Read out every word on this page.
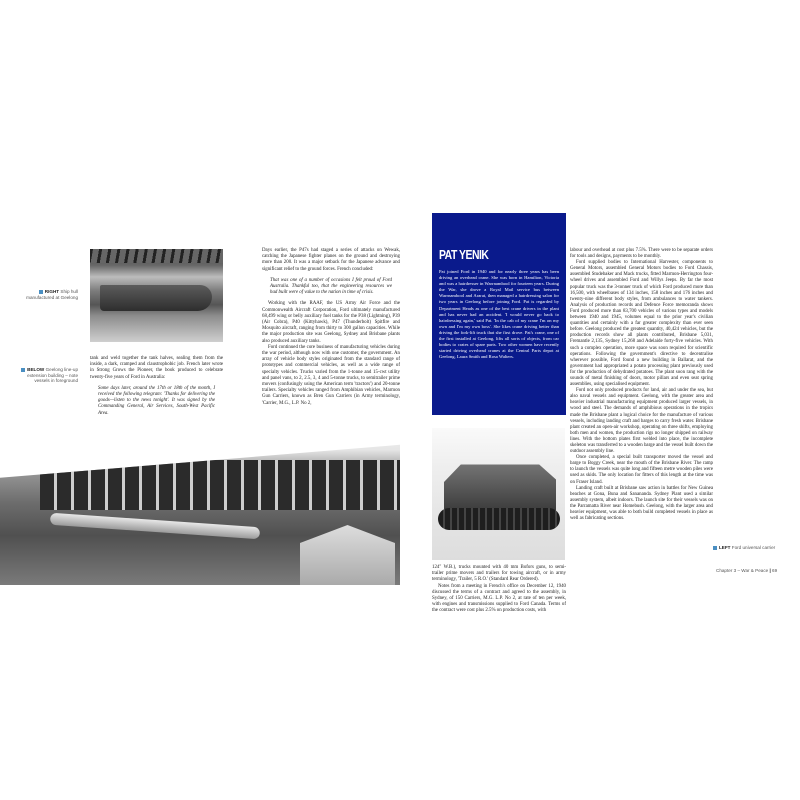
RIGHT Ship hull manufactured at Geelong
BELOW Geelong line-up extension building – note vessels in foreground
LEFT Ford universal carrier

tank and weld together the tank halves, sealing them from the inside, a dark, cramped and claustrophobic job. French later wrote in Strong Grows the Pioneer, the book produced to celebrate twenty-five years of Ford in Australia:

Some days later, around the 17th or 18th of the month, I received the following telegram: 'Thanks for delivering the goods—listen to the news tonight'. It was signed by the Commanding General, Air Services, South-West Pacific Area.

Days earlier, the P47s had staged a series of attacks on Wewak, catching the Japanese fighter planes on the ground and destroying more than 200. It was a major setback for the Japanese advance and significant relief to the ground forces. French concluded:

That was one of a number of occasions I felt proud of Ford Australia. Thankful too, that the engineering resources we had built were of value to the nation in time of crisis.

Working with the RAAF, the US Army Air Force and the Commonwealth Aircraft Corporation, Ford ultimately manufactured 68,499 wing or belly auxiliary fuel tanks for the P38 (Lightning), P39 (Air Cobra), P40 (Kittyhawk), P47 (Thunderbolt) Spitfire and Mosquito aircraft, ranging from thirty to 300 gallon capacities. While the major production site was Geelong, Sydney and Brisbane plants also produced auxiliary tanks.

Ford continued the core business of manufacturing vehicles during the war period, although now with one customer, the government. An array of vehicle body styles originated from the standard range of prototypes and commercial vehicles, as well as a wide range of specialty vehicles. Trucks varied from the 1-tonne and 15-cwt utility and panel vans, to 2, 2.5, 3, 4 and 5-tonne trucks, to semitrailer prime movers (confusingly using the American term 'tractors') and 20-tonne trailers. Specialty vehicles ranged from Amphibian vehicles, Marmon Gun Carriers, known as Bren Gun Carriers (in Army terminology, 'Carrier, M.G., L.P. No 2,

PAT YENIK
Pat joined Ford in 1940 and for nearly three years has been driving an overhead crane. She was born in Hamilton, Victoria and was a hairdresser in Warrnambool for fourteen years. During the War, she drove a Royal Mail service bus between Warrnambool and Ararat, then managed a hairdressing salon for two years in Geelong before joining Ford. Pat is regarded by Department Heads as one of the best crane drivers in the plant and has never had an accident. 'I would never go back to hairdressing again,' said Pat. 'In the cab of my crane I'm on my own and I'm my own boss'. She likes crane driving better than driving the fork-lift truck that she first drove. Pat's crane, one of the first installed at Geelong, lifts all sorts of objects, from car bodies to crates of spare parts. Two other women have recently started driving overhead cranes at the Central Parts depot at Geelong, Laura Smith and Rosa Walters.

124" W.B.), trucks mounted with 40 mm Bofors guns, to semi-trailer prime movers and trailers for towing aircraft, or in army terminology, 'Trailer, 5 R.O.' (Standard Rear Ordered).

Notes from a meeting in French's office on December 12, 1940 discussed the terms of a contract and agreed to the assembly, in Sydney, of 150 Carriers, M.G. L.P. No 2, at rate of ten per week, with engines and transmissions supplied to Ford Canada. Terms of the contract were cost plus 2.5% on production costs, with

labour and overhead at cost plus 7.5%. There were to be separate orders for tools and designs, payments to be monthly.

Ford supplied bodies to International Harvester, components to General Motors, assembled General Motors bodies to Ford Chassis, assembled Studebaker and Mack trucks, fitted Marmon-Herrington four-wheel drives and assembled Ford and Willys Jeeps. By far the most popular truck was the 3-tonner truck of which Ford produced more than 16,500, with wheelbases of 134 inches, 158 inches and 176 inches and twenty-nine different body styles, from ambulances to water tankers. Analysis of production records and Defence Force memoranda shows Ford produced more than 83,700 vehicles of various types and models between 1940 and 1945, volumes equal to the prior year's civilian quantities and certainly with a far greater complexity than ever seen before. Geelong produced the greatest quantity, 40,424 vehicles, but the production records show all plants contributed, Brisbane 5,031, Fremantle 2,135, Sydney 15,268 and Adelaide forty-five vehicles. With such a complex operation, more space was soon required for scientific operations. Following the government's directive to decentralise wherever possible, Ford found a new building in Ballarat, and the government had appropriated a potato processing plant previously used for the production of dehydrated potatoes. The plant soon rang with the sounds of metal finishing of doors, motor pillars and even seat spring assemblies, using specialised equipment.

Ford not only produced products for land, air and under the sea, but also naval vessels and equipment. Geelong, with the greater area and heavier industrial manufacturing equipment produced larger vessels, in wood and steel. The demands of amphibious operations in the tropics made the Brisbane plant a logical choice for the manufacture of various vessels, including landing craft and barges to carry fresh water. Brisbane plant created an open-air workshop, operating on three shifts, employing both men and women, the production rigs no longer shipped on railway lines. With the bottom plates first welded into place, the incomplete skeleton was transferred to a wooden barge and the vessel built down the outdoor assembly line.

Once completed, a special built transporter moved the vessel and barge to Boggy Creek, near the mouth of the Brisbane River. The ramp to launch the vessels was quite long and fifteen metre wooden piles were used as skids. The only location for fitters of this length at the time was on Fraser Island.

Landing craft built at Brisbane saw action in battles for New Guinea beaches at Gona, Buna and Sanananda. Sydney Plant used a similar assembly system, albeit indoors. The launch site for their vessels was on the Parramatta River near Homebush. Geelong, with the larger area and heavier equipment, was able to both build completed vessels in place as well as fabricating sections.

Chapter 3 – War & Peace | 69
